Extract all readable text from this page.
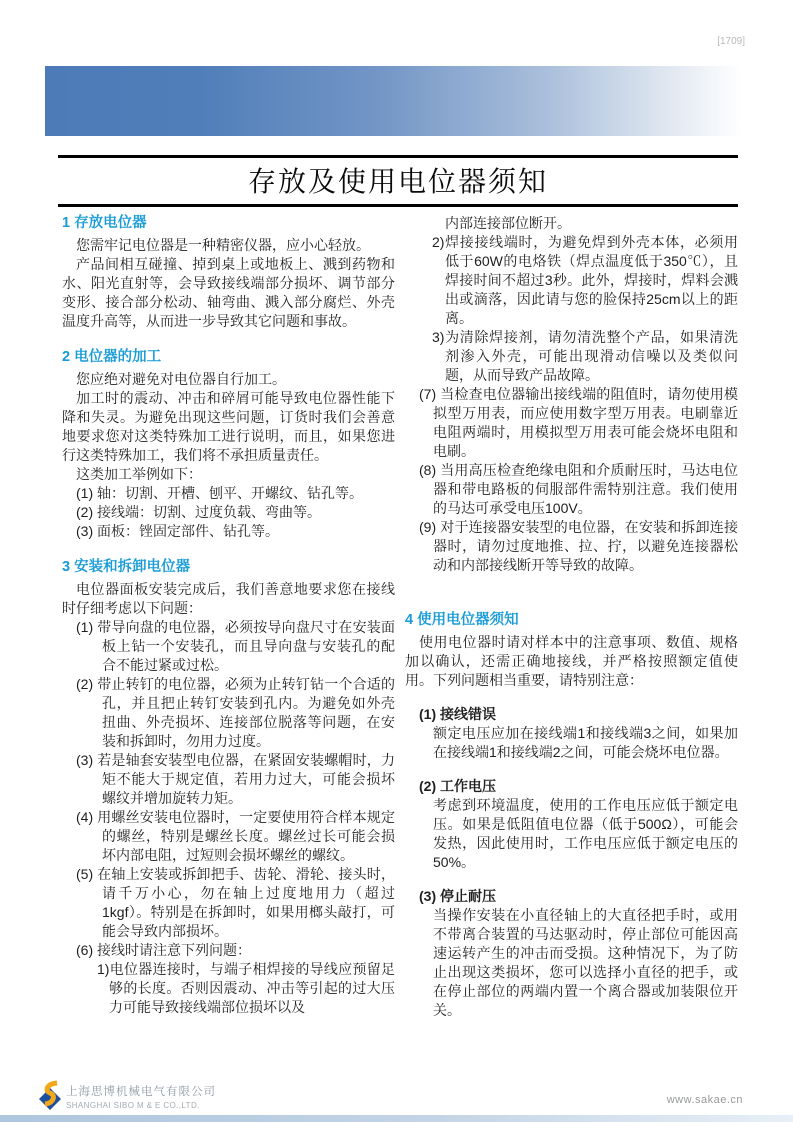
[1709]
存放及使用电位器须知
1 存放电位器
您需牢记电位器是一种精密仪器，应小心轻放。
产品间相互碰撞、掉到桌上或地板上、溅到药物和水、阳光直射等，会导致接线端部分损坏、调节部分变形、接合部分松动、轴弯曲、溅入部分腐烂、外壳温度升高等，从而进一步导致其它问题和事故。
2 电位器的加工
您应绝对避免对电位器自行加工。
加工时的震动、冲击和碎屑可能导致电位器性能下降和失灵。为避免出现这些问题，订货时我们会善意地要求您对这类特殊加工进行说明，而且，如果您进行这类特殊加工，我们将不承担质量责任。
这类加工举例如下：
(1) 轴：切割、开槽、刨平、开螺纹、钻孔等。
(2) 接线端：切割、过度负载、弯曲等。
(3) 面板：锉固定部件、钻孔等。
3 安装和拆卸电位器
电位器面板安装完成后，我们善意地要求您在接线时仔细考虑以下问题：
(1) 带导向盘的电位器，必须按导向盘尺寸在安装面板上钻一个安装孔，而且导向盘与安装孔的配合不能过紧或过松。
(2) 带止转钉的电位器，必须为止转钉钻一个合适的孔，并且把止转钉安装到孔内。为避免如外壳扭曲、外壳损坏、连接部位脱落等问题，在安装和拆卸时，勿用力过度。
(3) 若是轴套安装型电位器，在紧固安装螺帽时，力矩不能大于规定值，若用力过大，可能会损坏螺纹并增加旋转力矩。
(4) 用螺丝安装电位器时，一定要使用符合样本规定的螺丝，特别是螺丝长度。螺丝过长可能会损坏内部电阻，过短则会损坏螺丝的螺纹。
(5) 在轴上安装或拆卸把手、齿轮、滑轮、接头时，请千万小心，勿在轴上过度地用力（超过1kgf）。特别是在拆卸时，如果用榔头敲打，可能会导致内部损坏。
(6) 接线时请注意下列问题：
1)电位器连接时，与端子相焊接的导线应预留足够的长度。否则因震动、冲击等引起的过大压力可能导致接线端部位损坏以及
内部连接部位断开。
2)焊接接线端时，为避免焊到外壳本体，必须用低于60W的电烙铁（焊点温度低于350℃），且焊接时间不超过3秒。此外，焊接时，焊料会溅出或滴落，因此请与您的脸保持25cm以上的距离。
3)为清除焊接剂，请勿清洗整个产品，如果清洗剂渗入外壳，可能出现滑动信噪以及类似问题，从而导致产品故障。
(7) 当检查电位器输出接线端的阻值时，请勿使用模拟型万用表，而应使用数字型万用表。电刷靠近电阻两端时，用模拟型万用表可能会烧坏电阻和电刷。
(8) 当用高压检查绝缘电阻和介质耐压时，马达电位器和带电路板的伺服部件需特别注意。我们使用的马达可承受电压100V。
(9) 对于连接器安装型的电位器，在安装和拆卸连接器时，请勿过度地推、拉、拧，以避免连接器松动和内部接线断开等导致的故障。
4 使用电位器须知
使用电位器时请对样本中的注意事项、数值、规格加以确认，还需正确地接线，并严格按照额定值使用。下列问题相当重要，请特别注意：
(1) 接线错误
额定电压应加在接线端1和接线端3之间，如果加在接线端1和接线端2之间，可能会烧坏电位器。
(2) 工作电压
考虑到环境温度，使用的工作电压应低于额定电压。如果是低阻值电位器（低于500Ω），可能会发热，因此使用时，工作电压应低于额定电压的50%。
(3) 停止耐压
当操作安装在小直径轴上的大直径把手时，或用不带离合装置的马达驱动时，停止部位可能因高速运转产生的冲击而受损。这种情况下，为了防止出现这类损坏，您可以选择小直径的把手，或在停止部位的两端内置一个离合器或加装限位开关。
上海思博机械电气有限公司
SHANGHAI SIBO M & E CO.,LTD.	www.sakae.cn
